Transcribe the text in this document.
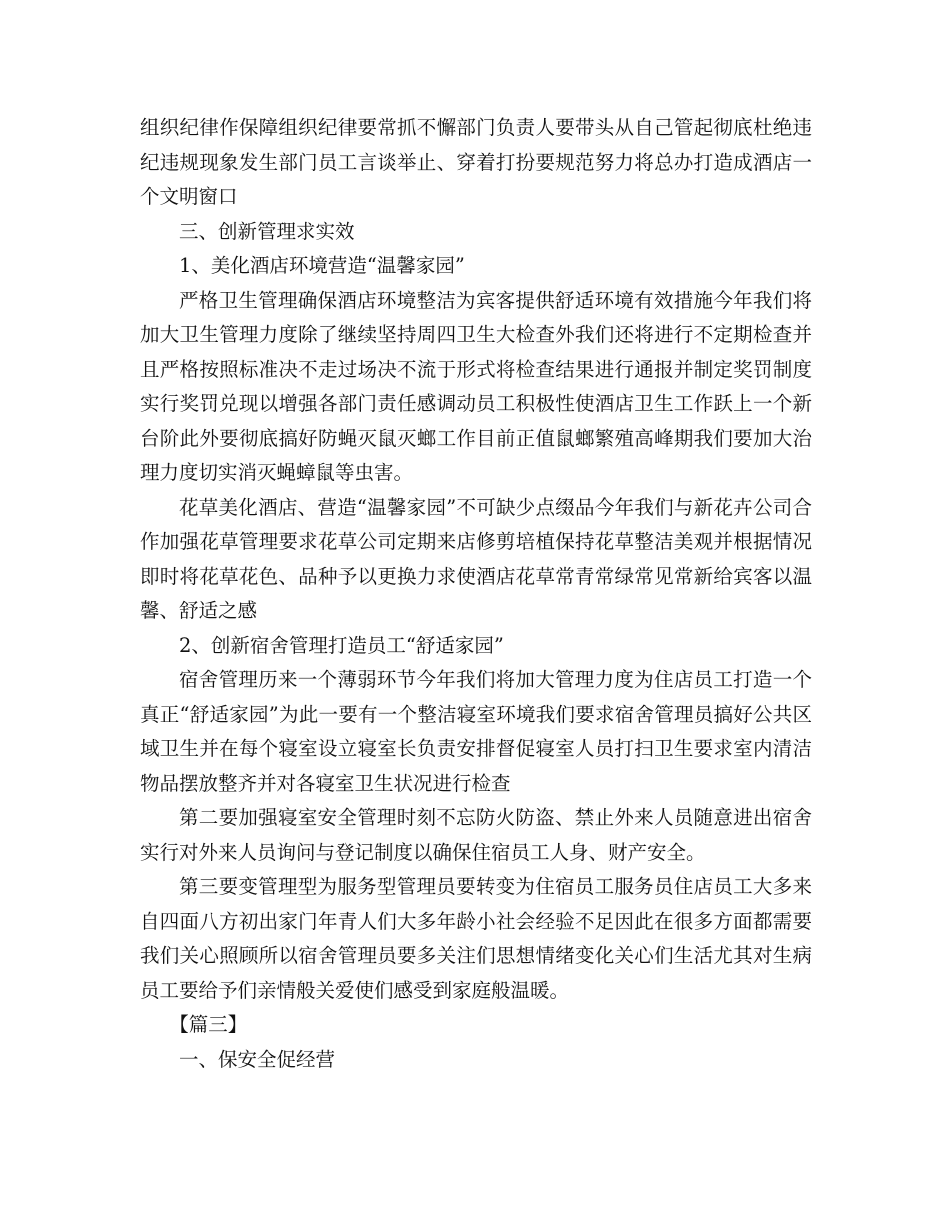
组织纪律作保障组织纪律要常抓不懈部门负责人要带头从自己管起彻底杜绝违纪违规现象发生部门员工言谈举止、穿着打扮要规范努力将总办打造成酒店一个文明窗口

三、创新管理求实效

1、美化酒店环境营造“温馨家园”

严格卫生管理确保酒店环境整洁为宾客提供舒适环境有效措施今年我们将加大卫生管理力度除了继续坚持周四卫生大检查外我们还将进行不定期检查并且严格按照标准决不走过场决不流于形式将检查结果进行通报并制定奖罚制度实行奖罚兑现以增强各部门责任感调动员工积极性使酒店卫生工作跃上一个新台阶此外要彻底搞好防蝇灭鼠灭螂工作目前正值鼠螂繁殖高峰期我们要加大治理力度切实消灭蝇蟑鼠等虫害。

花草美化酒店、营造“温馨家园”不可缺少点缀品今年我们与新花卉公司合作加强花草管理要求花草公司定期来店修剪培植保持花草整洁美观并根据情况即时将花草花色、品种予以更换力求使酒店花草常青常绿常见常新给宾客以温馨、舒适之感

2、创新宿舍管理打造员工“舒适家园”

宿舍管理历来一个薄弱环节今年我们将加大管理力度为住店员工打造一个真正“舒适家园”为此一要有一个整洁寝室环境我们要求宿舍管理员搞好公共区域卫生并在每个寝室设立寝室长负责安排督促寝室人员打扫卫生要求室内清洁物品摆放整齐并对各寝室卫生状况进行检查

第二要加强寝室安全管理时刻不忘防火防盗、禁止外来人员随意进出宿舍实行对外来人员询问与登记制度以确保住宿员工人身、财产安全。

第三要变管理型为服务型管理员要转变为住宿员工服务员住店员工大多来自四面八方初出家门年青人们大多年龄小社会经验不足因此在很多方面都需要我们关心照顾所以宿舍管理员要多关注们思想情绪变化关心们生活尤其对生病员工要给予们亲情般关爱使们感受到家庭般温暖。

【篇三】

一、保安全促经营
